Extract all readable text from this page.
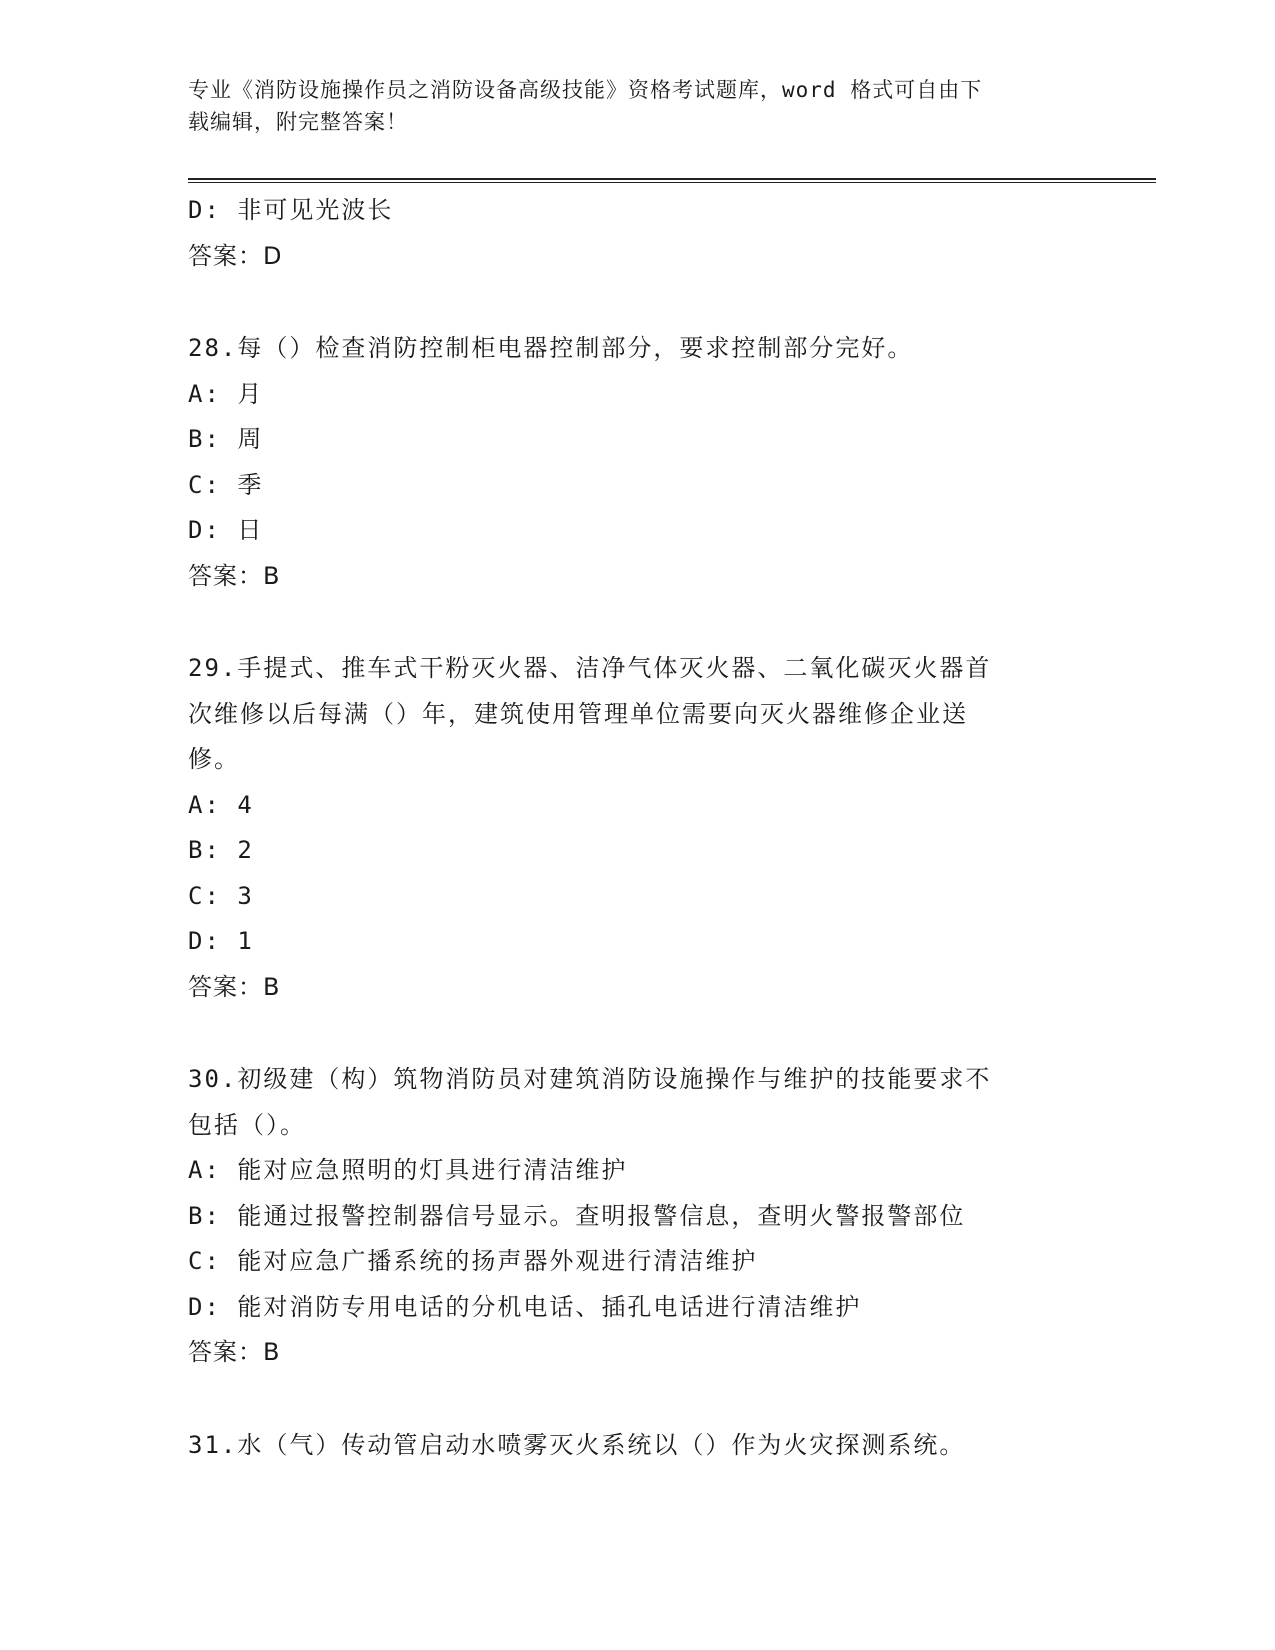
专业《消防设施操作员之消防设备高级技能》资格考试题库，word 格式可自由下
载编辑，附完整答案！
D: 非可见光波长
答案：D
28.每（）检查消防控制柜电器控制部分，要求控制部分完好。
A: 月
B: 周
C: 季
D: 日
答案：B
29.手提式、推车式干粉灭火器、洁净气体灭火器、二氧化碳灭火器首
次维修以后每满（）年，建筑使用管理单位需要向灭火器维修企业送
修。
A: 4
B: 2
C: 3
D: 1
答案：B
30.初级建（构）筑物消防员对建筑消防设施操作与维护的技能要求不
包括（）。
A: 能对应急照明的灯具进行清洁维护
B: 能通过报警控制器信号显示。查明报警信息，查明火警报警部位
C: 能对应急广播系统的扬声器外观进行清洁维护
D: 能对消防专用电话的分机电话、插孔电话进行清洁维护
答案：B
31.水（气）传动管启动水喷雾灭火系统以（）作为火灾探测系统。
